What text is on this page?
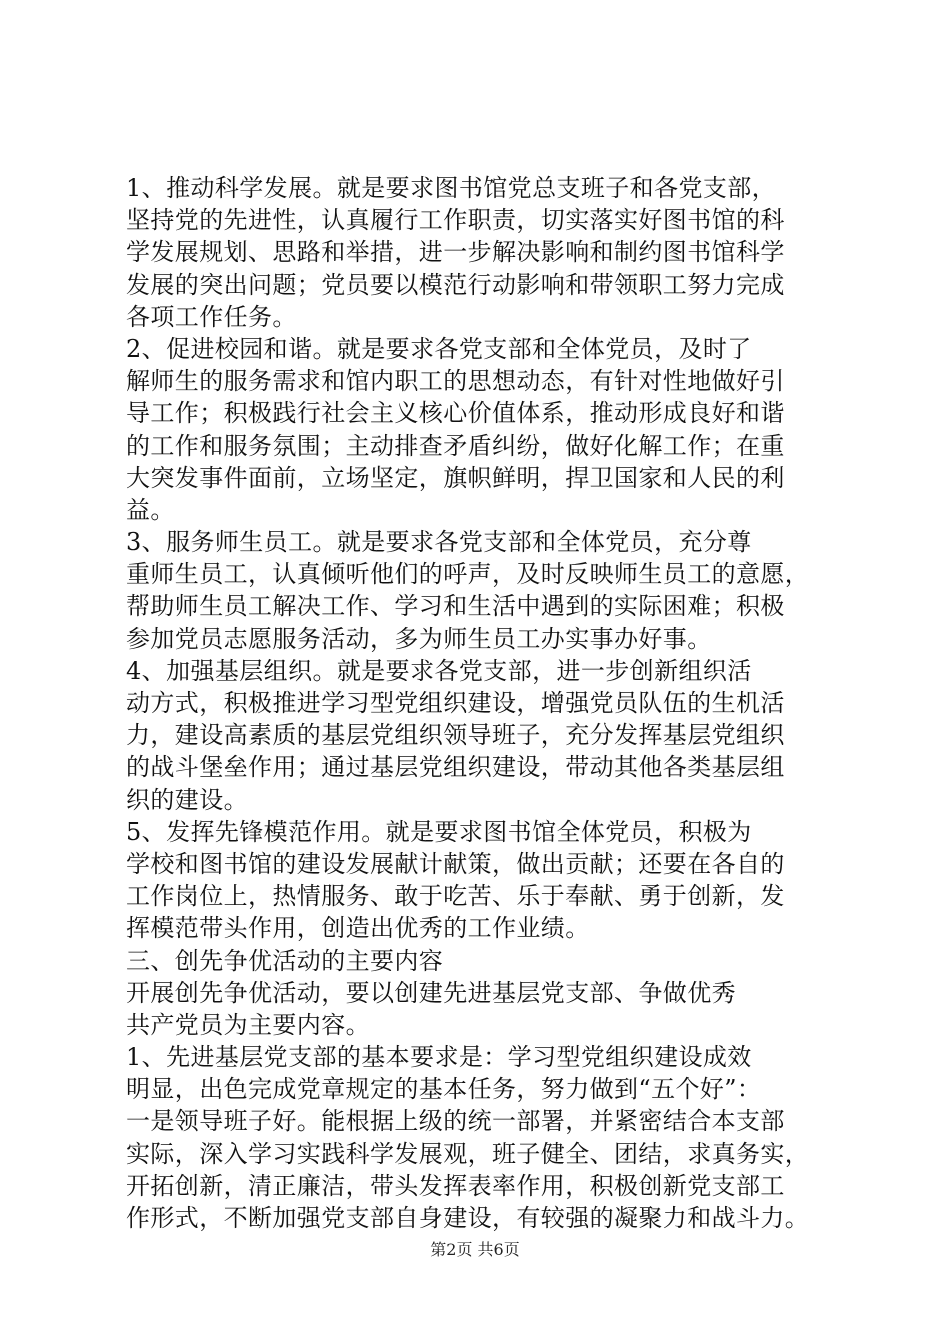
1、推动科学发展。就是要求图书馆党总支班子和各党支部，
坚持党的先进性，认真履行工作职责，切实落实好图书馆的科
学发展规划、思路和举措，进一步解决影响和制约图书馆科学
发展的突出问题；党员要以模范行动影响和带领职工努力完成
各项工作任务。
2、促进校园和谐。就是要求各党支部和全体党员，及时了
解师生的服务需求和馆内职工的思想动态，有针对性地做好引
导工作；积极践行社会主义核心价值体系，推动形成良好和谐
的工作和服务氛围；主动排查矛盾纠纷，做好化解工作；在重
大突发事件面前，立场坚定，旗帜鲜明，捍卫国家和人民的利
益。
3、服务师生员工。就是要求各党支部和全体党员，充分尊
重师生员工，认真倾听他们的呼声，及时反映师生员工的意愿，
帮助师生员工解决工作、学习和生活中遇到的实际困难；积极
参加党员志愿服务活动，多为师生员工办实事办好事。
4、加强基层组织。就是要求各党支部，进一步创新组织活
动方式，积极推进学习型党组织建设，增强党员队伍的生机活
力，建设高素质的基层党组织领导班子，充分发挥基层党组织
的战斗堡垒作用；通过基层党组织建设，带动其他各类基层组
织的建设。
5、发挥先锋模范作用。就是要求图书馆全体党员，积极为
学校和图书馆的建设发展献计献策，做出贡献；还要在各自的
工作岗位上，热情服务、敢于吃苦、乐于奉献、勇于创新，发
挥模范带头作用，创造出优秀的工作业绩。
三、创先争优活动的主要内容
开展创先争优活动，要以创建先进基层党支部、争做优秀
共产党员为主要内容。
1、先进基层党支部的基本要求是：学习型党组织建设成效
明显，出色完成党章规定的基本任务，努力做到“五个好”：
一是领导班子好。能根据上级的统一部署，并紧密结合本支部
实际，深入学习实践科学发展观，班子健全、团结，求真务实，
开拓创新，清正廉洁，带头发挥表率作用，积极创新党支部工
作形式，不断加强党支部自身建设，有较强的凝聚力和战斗力。
第2页 共6页
